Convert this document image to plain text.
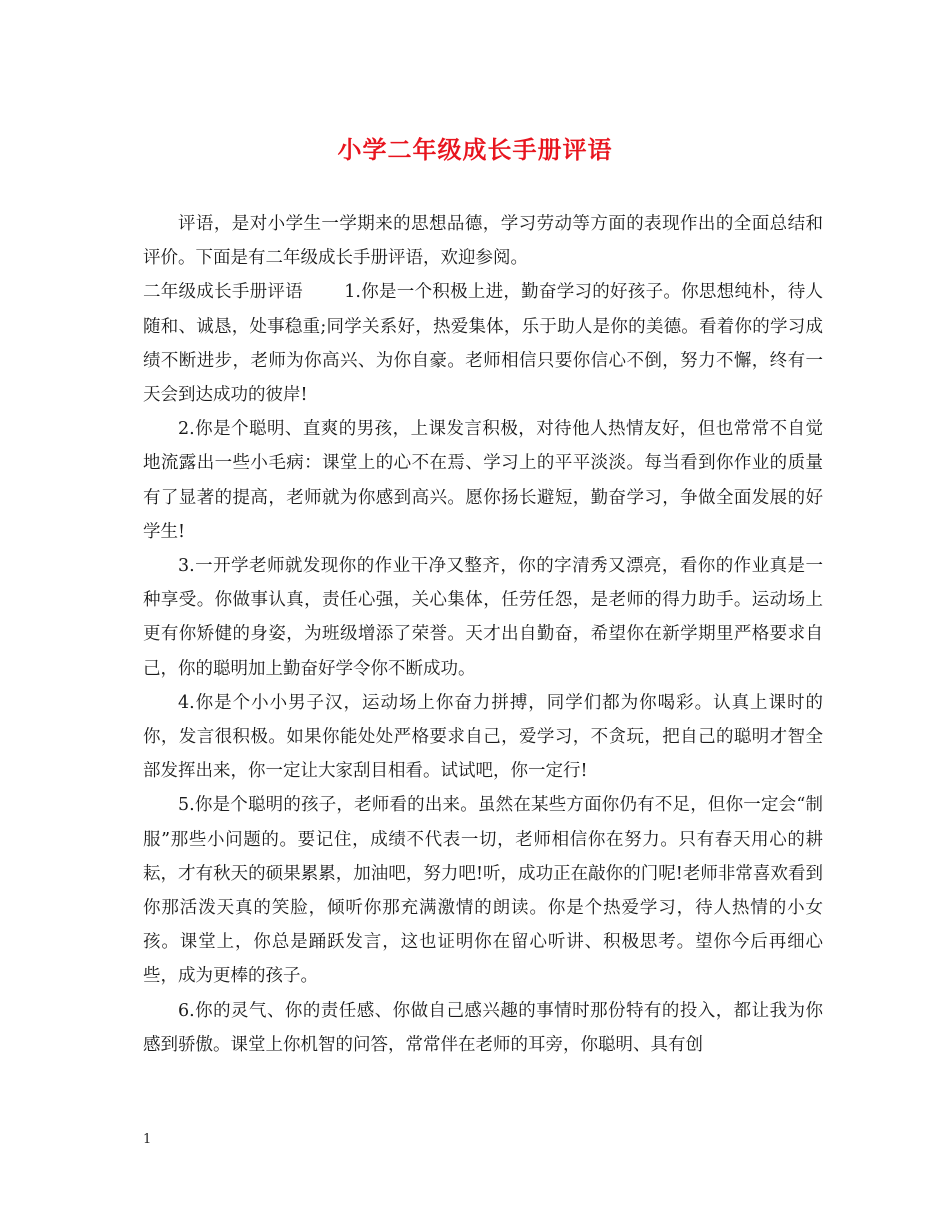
小学二年级成长手册评语

评语，是对小学生一学期来的思想品德，学习劳动等方面的表现作出的全面总结和评价。下面是有二年级成长手册评语，欢迎参阅。

二年级成长手册评语　　 1.你是一个积极上进，勤奋学习的好孩子。你思想纯朴，待人随和、诚恳，处事稳重;同学关系好，热爱集体，乐于助人是你的美德。看着你的学习成绩不断进步，老师为你高兴、为你自豪。老师相信只要你信心不倒，努力不懈，终有一天会到达成功的彼岸!

2.你是个聪明、直爽的男孩，上课发言积极，对待他人热情友好，但也常常不自觉地流露出一些小毛病：课堂上的心不在焉、学习上的平平淡淡。每当看到你作业的质量有了显著的提高，老师就为你感到高兴。愿你扬长避短，勤奋学习，争做全面发展的好学生!

3.一开学老师就发现你的作业干净又整齐，你的字清秀又漂亮，看你的作业真是一种享受。你做事认真，责任心强，关心集体，任劳任怨，是老师的得力助手。运动场上更有你矫健的身姿，为班级增添了荣誉。天才出自勤奋，希望你在新学期里严格要求自己，你的聪明加上勤奋好学令你不断成功。

4.你是个小小男子汉，运动场上你奋力拼搏，同学们都为你喝彩。认真上课时的你，发言很积极。如果你能处处严格要求自己，爱学习，不贪玩，把自己的聪明才智全部发挥出来，你一定让大家刮目相看。试试吧，你一定行!

5.你是个聪明的孩子，老师看的出来。虽然在某些方面你仍有不足，但你一定会“制服”那些小问题的。要记住，成绩不代表一切，老师相信你在努力。只有春天用心的耕耘，才有秋天的硕果累累，加油吧，努力吧!听，成功正在敲你的门呢!老师非常喜欢看到你那活泼天真的笑脸，倾听你那充满激情的朗读。你是个热爱学习，待人热情的小女孩。课堂上，你总是踊跃发言，这也证明你在留心听讲、积极思考。望你今后再细心些，成为更棒的孩子。

6.你的灵气、你的责任感、你做自己感兴趣的事情时那份特有的投入，都让我为你感到骄傲。课堂上你机智的问答，常常伴在老师的耳旁，你聪明、具有创

1
